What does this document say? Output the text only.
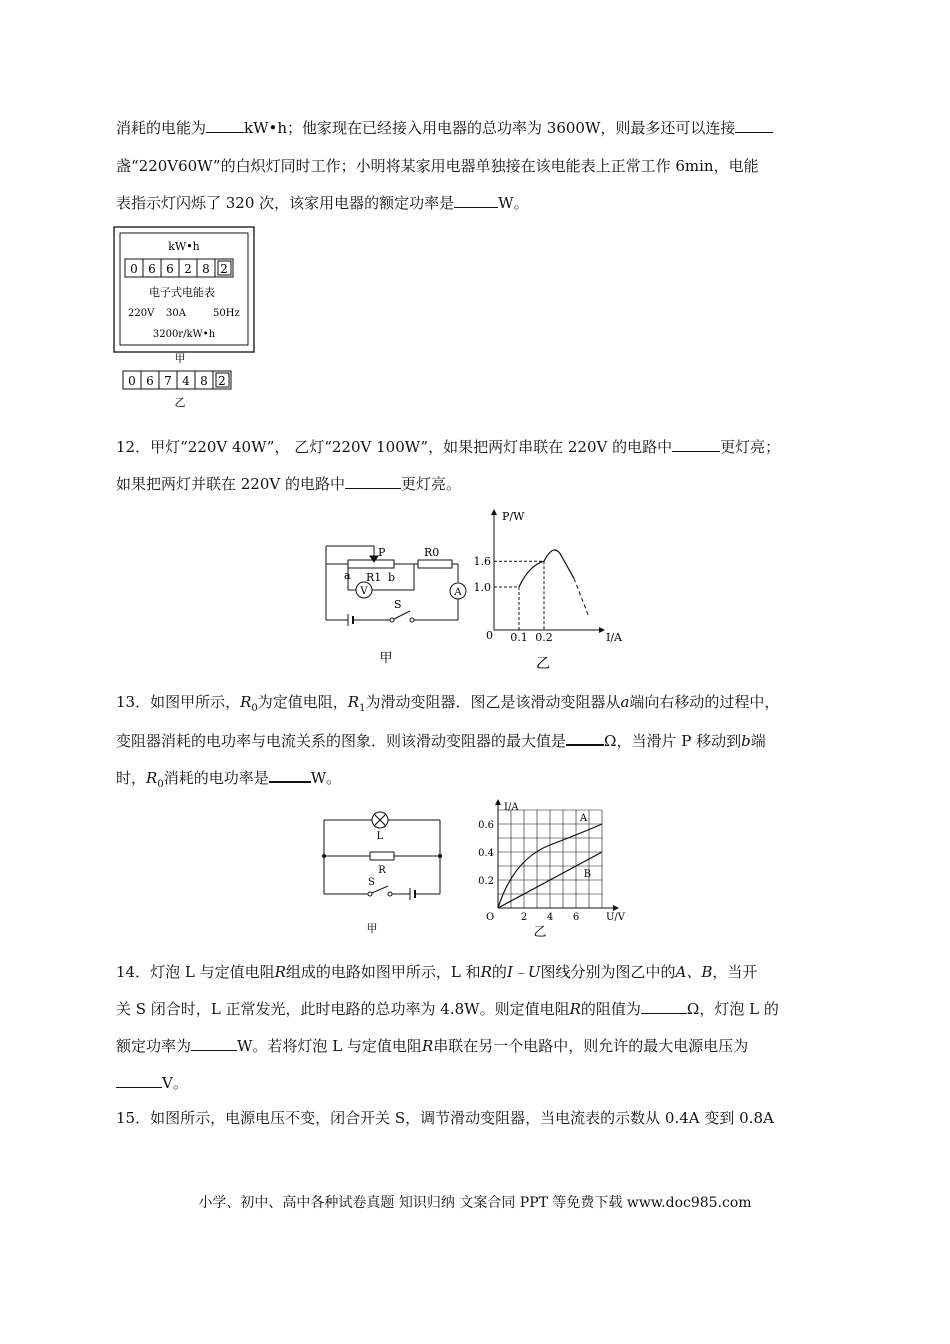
消耗的电能为	kW•h；他家现在已经接入用电器的总功率为 3600W，则最多还可以连接
盏“220V60W”的白炽灯同时工作；小明将某家用电器单独接在该电能表上正常工作 6min，电能
表指示灯闪烁了 320 次，该家用电器的额定功率是	W。
kW•h
0 6 6 2 8 2
电子式电能表
220V 30A	50Hz
3200r/kW•h
甲
0 6 7 4 8 2
乙
12．甲灯“220V 40W”， 乙灯“220V 100W”，如果把两灯串联在 220V 的电路中	更灯亮；
如果把两灯并联在 220V 的电路中	更灯亮。
P	R0
a R1 b
V	A
S
甲
P/W
I/A
0
1.6
1.0
0.1 0.2
乙
13．如图甲所示，$R_0$为定值电阻，$R_1$为滑动变阻器．图乙是该滑动变阻器从a端向右移动的过程中，
变阻器消耗的电功率与电流关系的图象．则该滑动变阻器的最大值是	Ω，当滑片 P 移动到b端
时，$R_0$消耗的电功率是	W。
L
R
S
甲
I/A
U/V
O
A
B
0.6
0.4
0.2
2 4 6
乙
14．灯泡 L 与定值电阻R组成的电路如图甲所示，L 和R的I﹣U图线分别为图乙中的A、B，当开
关 S 闭合时，L 正常发光，此时电路的总功率为 4.8W。则定值电阻R的阻值为	Ω，灯泡 L 的
额定功率为	W。若将灯泡 L 与定值电阻R串联在另一个电路中，则允许的最大电源电压为
V。
15．如图所示，电源电压不变，闭合开关 S，调节滑动变阻器，当电流表的示数从 0.4A 变到 0.8A
小学、初中、高中各种试卷真题 知识归纳 文案合同 PPT 等免费下载 www.doc985.com
